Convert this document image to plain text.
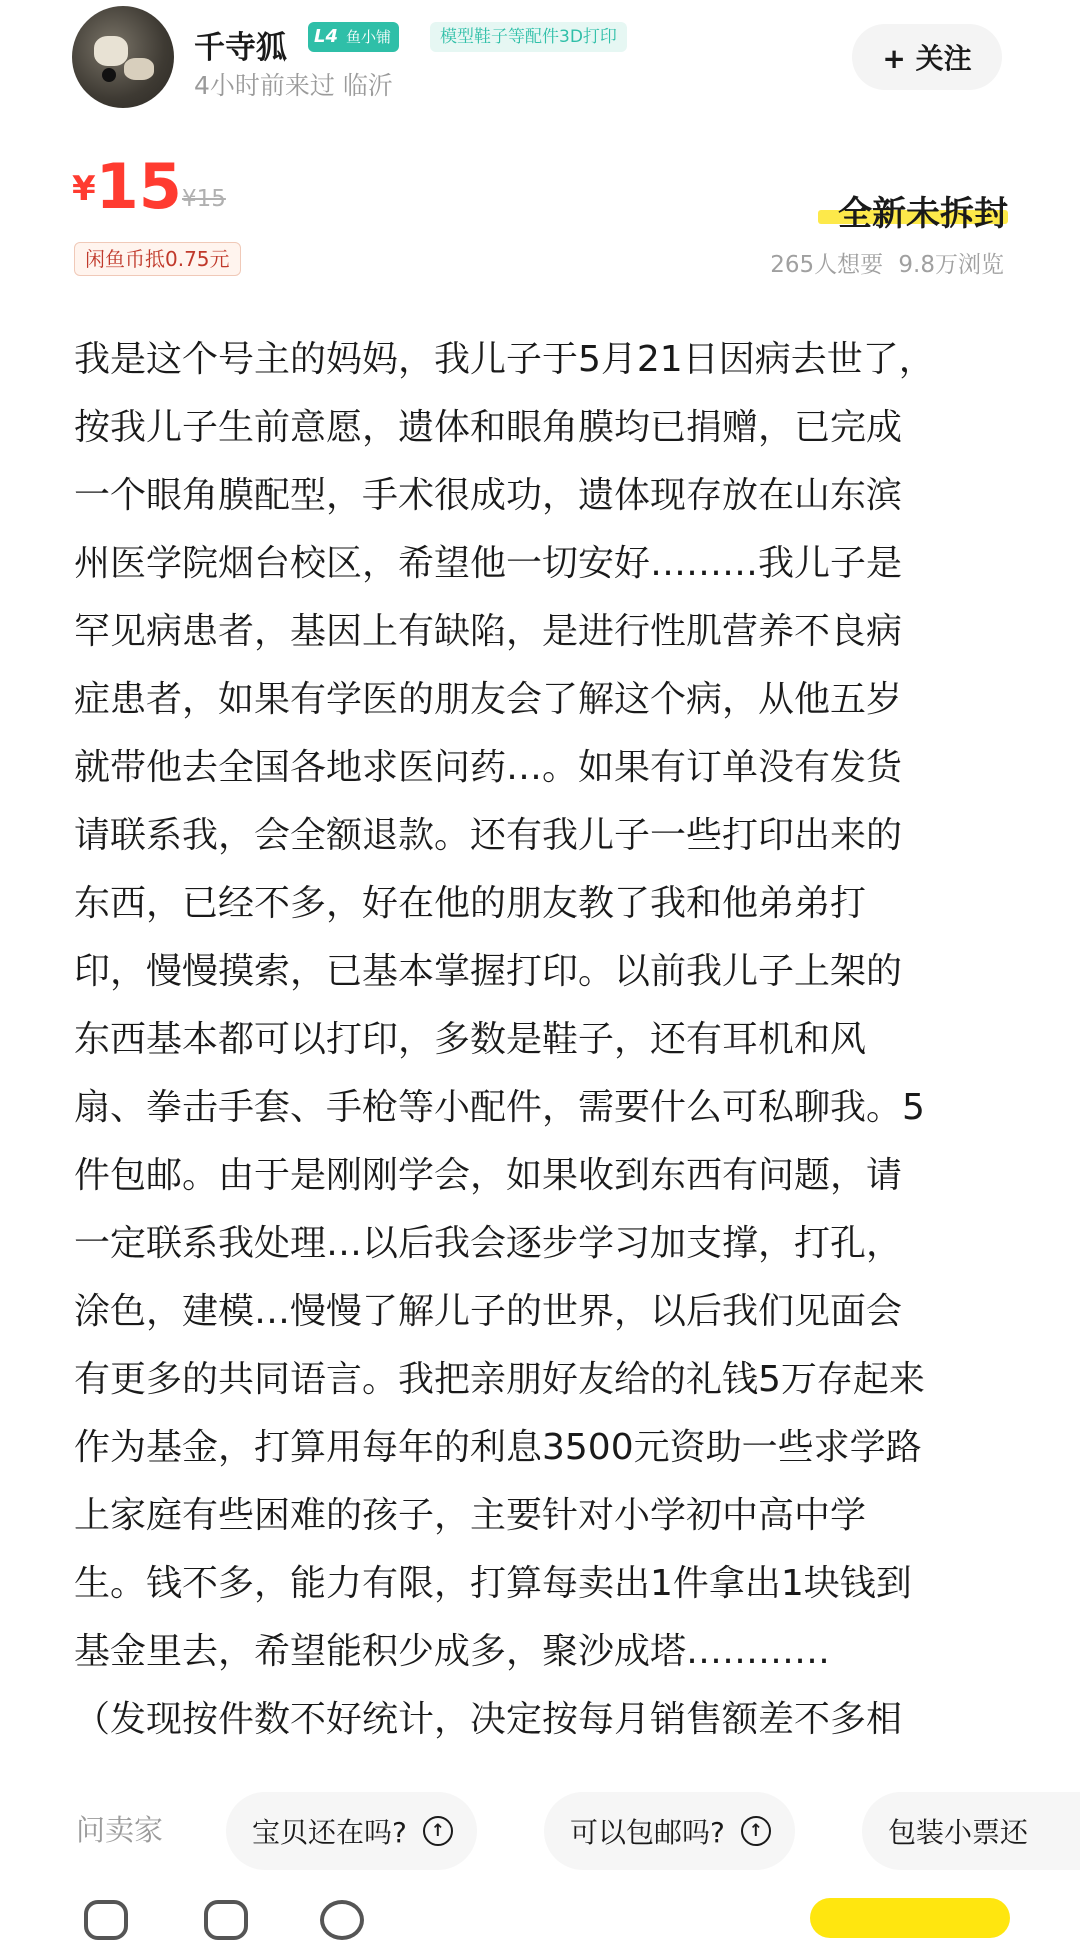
千寺狐	L4 鱼小铺	模型鞋子等配件3D打印
4小时前来过 临沂
+ 关注
¥15 ¥15
闲鱼币抵0.75元
全新未拆封
265人想要 9.8万浏览
我是这个号主的妈妈，我儿子于5月21日因病去世了，
按我儿子生前意愿，遗体和眼角膜均已捐赠，已完成
一个眼角膜配型，手术很成功，遗体现存放在山东滨
州医学院烟台校区，希望他一切安好………我儿子是
罕见病患者，基因上有缺陷，是进行性肌营养不良病
症患者，如果有学医的朋友会了解这个病，从他五岁
就带他去全国各地求医问药…。如果有订单没有发货
请联系我，会全额退款。还有我儿子一些打印出来的
东西，已经不多，好在他的朋友教了我和他弟弟打
印，慢慢摸索，已基本掌握打印。以前我儿子上架的
东西基本都可以打印，多数是鞋子，还有耳机和风
扇、拳击手套、手枪等小配件，需要什么可私聊我。5
件包邮。由于是刚刚学会，如果收到东西有问题，请
一定联系我处理…以后我会逐步学习加支撑，打孔，
涂色，建模…慢慢了解儿子的世界，以后我们见面会
有更多的共同语言。我把亲朋好友给的礼钱5万存起来
作为基金，打算用每年的利息3500元资助一些求学路
上家庭有些困难的孩子，主要针对小学初中高中学
生。钱不多，能力有限，打算每卖出1件拿出1块钱到
基金里去，希望能积少成多，聚沙成塔…………
（发现按件数不好统计，决定按每月销售额差不多相
问卖家	宝贝还在吗?	↑	可以包邮吗?	↑	包装小票还
